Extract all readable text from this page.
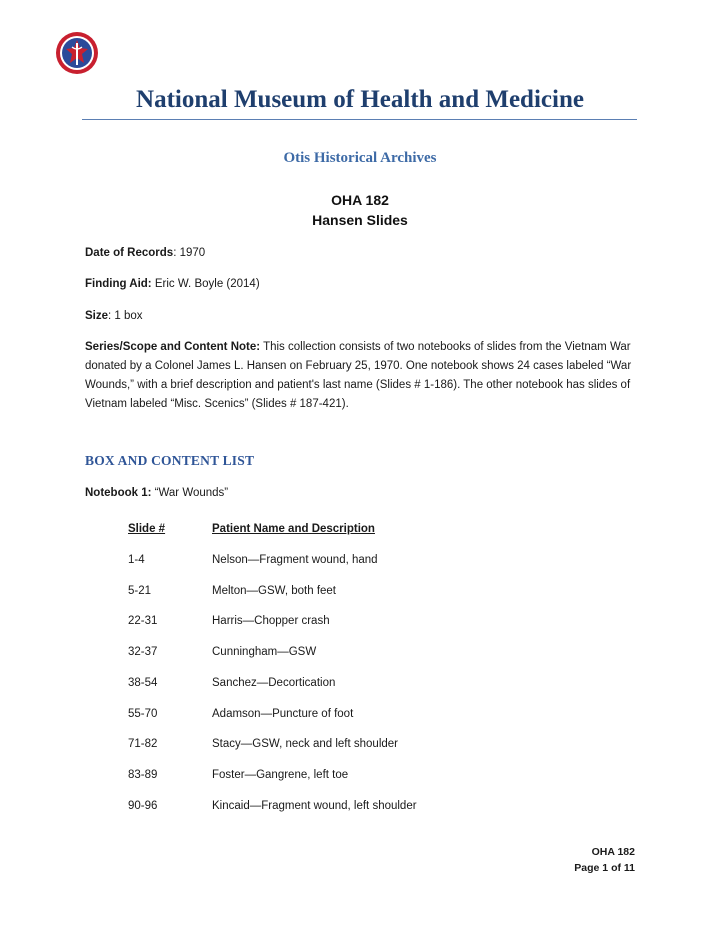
National Museum of Health and Medicine
Otis Historical Archives
OHA 182
Hansen Slides
Date of Records: 1970
Finding Aid: Eric W. Boyle (2014)
Size: 1 box
Series/Scope and Content Note: This collection consists of two notebooks of slides from the Vietnam War donated by a Colonel James L. Hansen on February 25, 1970. One notebook shows 24 cases labeled “War Wounds,” with a brief description and patient's last name (Slides # 1-186). The other notebook has slides of Vietnam labeled “Misc. Scenics” (Slides # 187-421).
BOX AND CONTENT LIST
Notebook 1: “War Wounds”
Slide #	Patient Name and Description
1-4	Nelson—Fragment wound, hand
5-21	Melton—GSW, both feet
22-31	Harris—Chopper crash
32-37	Cunningham—GSW
38-54	Sanchez—Decortication
55-70	Adamson—Puncture of foot
71-82	Stacy—GSW, neck and left shoulder
83-89	Foster—Gangrene, left toe
90-96	Kincaid—Fragment wound, left shoulder
OHA 182
Page 1 of 11
